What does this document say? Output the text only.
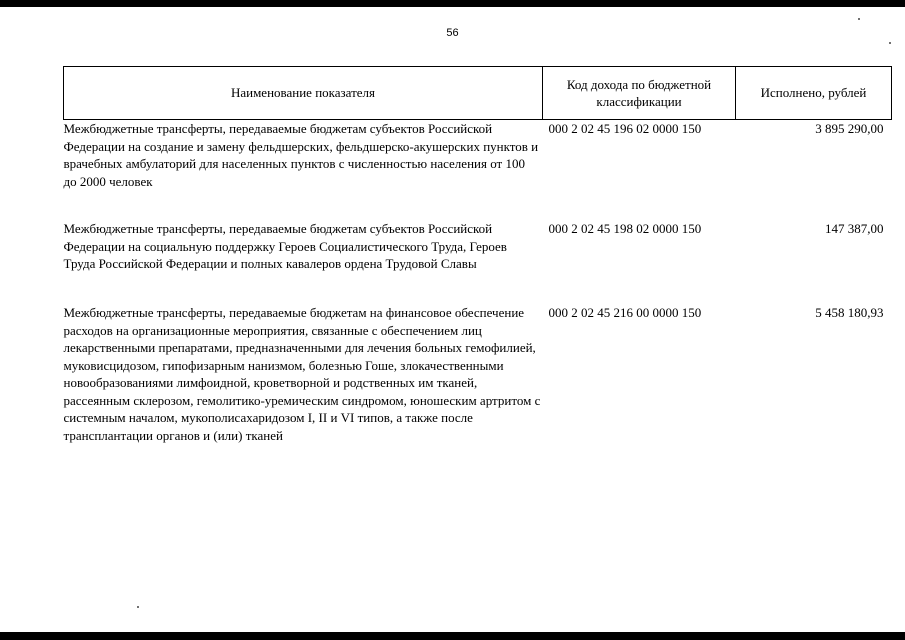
56
Наименование показателя	Код дохода по бюджетной классификации	Исполнено, рублей
Межбюджетные трансферты, передаваемые бюджетам субъектов Российской Федерации на создание и замену фельдшерских, фельдшерско-акушерских пунктов и врачебных амбулаторий для населенных пунктов с численностью населения от 100 до 2000 человек	000 2 02 45 196 02 0000 150	3 895 290,00
Межбюджетные трансферты, передаваемые бюджетам субъектов Российской Федерации на социальную поддержку Героев Социалистического Труда, Героев Труда Российской Федерации и полных кавалеров ордена Трудовой Славы	000 2 02 45 198 02 0000 150	147 387,00
Межбюджетные трансферты, передаваемые бюджетам на финансовое обеспечение расходов на организационные мероприятия, связанные с обеспечением лиц лекарственными препаратами, предназначенными для лечения больных гемофилией, муковисцидозом, гипофизарным нанизмом, болезнью Гоше, злокачественными новообразованиями лимфоидной, кроветворной и родственных им тканей, рассеянным склерозом, гемолитико-уремическим синдромом, юношеским артритом с системным началом, мукополисахаридозом I, II и VI типов, а также после трансплантации органов и (или) тканей	000 2 02 45 216 00 0000 150	5 458 180,93
